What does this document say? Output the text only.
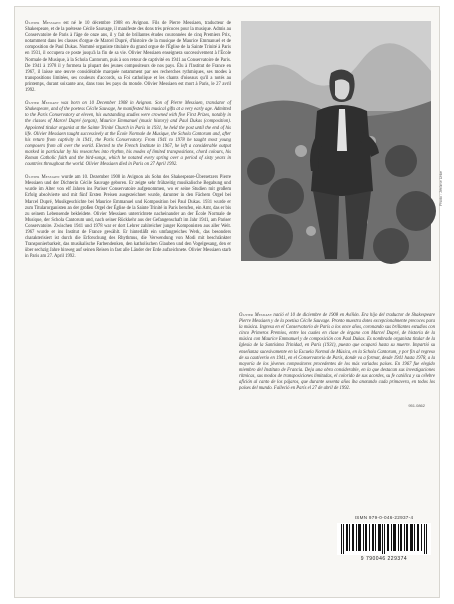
Olivier Messiaen est né le 10 décembre 1908 en Avignon. Fils de Pierre Messiaen, traducteur de Shakespeare, et de la poétesse Cécile Sauvage, il manifeste des dons très précoces pour la musique. Admis au Conservatoire de Paris à l'âge de onze ans, il y fait de brillantes études couronnées de cinq Premiers Prix, notamment dans les classes d'orgue de Marcel Dupré, d'histoire de la musique de Maurice Emmanuel et de composition de Paul Dukas. Nommé organiste titulaire du grand orgue de l'Église de la Sainte Trinité à Paris en 1931, il occupera ce poste jusqu'à la fin de sa vie. Olivier Messiaen enseignera successivement à l'École Normale de Musique, à la Schola Cantorum, puis à son retour de captivité en 1941 au Conservatoire de Paris. De 1941 à 1978 il y formera la plupart des jeunes compositeurs de nos pays. Élu à l'Institut de France en 1967, il laisse une œuvre considérable marquée notamment par ses recherches rythmiques, ses modes à transpositions limitées, ses couleurs d'accords, sa Foi catholique et les chants d'oiseaux qu'il a notés au printemps, durant soixante ans, dans tous les pays du monde. Olivier Messiaen est mort à Paris, le 27 avril 1992.

Olivier Messiaen was born on 10 December 1908 in Avignon. Son of Pierre Messiaen, translator of Shakespeare, and of the poetess Cécile Sauvage, he manifested his musical gifts at a very early age. Admitted to the Paris Conservatory at eleven, his outstanding studies were crowned with five First Prizes, notably in the classes of Marcel Dupré (organ), Maurice Emmanuel (music history) and Paul Dukas (composition). Appointed titular organist at the Sainte Trinité Church in Paris in 1931, he held the post until the end of his life. Olivier Messiaen taught successively at the École Normale de Musique, the Schola Cantorum and, after his return from captivity in 1941, the Paris Conservatory. From 1941 to 1978 he taught most young composers from all over the world. Elected to the French Institute in 1967, he left a considerable output marked in particular by his researches into rhythm, his modes of limited transpositions, chord colours, his Roman Catholic faith and the bird-songs, which he notated every spring over a period of sixty years in countries throughout the world. Olivier Messiaen died in Paris on 27 April 1992.

Olivier Messiaen wurde am 10. Dezember 1908 in Avignon als Sohn des Shakespeare-Übersetzers Pierre Messiaen und der Dichterin Cécile Sauvage geboren. Er zeigte sehr frühzeitig musikalische Begabung und wurde im Alter von elf Jahren ins Pariser Conservatoire aufgenommen, wo er seine Studien mit großem Erfolg absolvierte und mit fünf Ersten Preisen ausgezeichnet wurde, darunter in den Fächern Orgel bei Marcel Dupré, Musikgeschichte bei Maurice Emmanuel und Komposition bei Paul Dukas. 1931 wurde er zum Titularorganisten an der großen Orgel der Église de la Sainte Trinité in Paris berufen, ein Amt, das er bis zu seinem Lebensende bekleidete. Olivier Messiaen unterrichtete nacheinander an der École Normale de Musique, der Schola Cantorum und, nach seiner Rückkehr aus der Gefangenschaft im Jahr 1941, am Pariser Conservatoire. Zwischen 1941 und 1978 war er dort Lehrer zahlreicher junger Komponisten aus aller Welt. 1967 wurde er ins Institut de France gewählt. Er hinterläßt ein umfangreiches Werk, das besonders charakterisiert ist durch die Erforschung des Rhythmus, die Verwendung von Modi mit beschränkter Transponierbarkeit, das musikalische Farbendenken, den katholischen Glauben und den Vogelgesang, den er über sechzig Jahre hinweg auf seinen Reisen in fast alle Länder der Erde aufzeichnete. Olivier Messiaen starb in Paris am 27. April 1992.

Photo : Jérôme Urbe

Olivier Messiaen nació el 10 de diciembre de 1908 en Aviñón. Era hijo del traductor de Shakespeare Pierre Messiaen y de la poetisa Cécile Sauvage. Pronto muestra dotes excepcionalmente precoces para la música. Ingresa en el Conservatorio de París a los once años, coronando sus brillantes estudios con cinco Primeros Premios, entre los cuales en clase de órgano con Marcel Dupré, de historia de la música con Maurice Emmanuel y de composición con Paul Dukas. Es nombrado organista titular de la Iglesia de la Santísima Trinidad, en París (1931), puesto que ocupará hasta su muerte. Impartió su enseñanza sucesivamente en la Escuela Normal de Música, en la Schola Cantorum, y por fin al regreso de su cautiverio en 1941, en el Conservatorio de París, donde va a formar, desde 1941 hasta 1978, a la mayoría de los jóvenes compositores procedentes de los más variados países. En 1967 fue elegido miembro del Instituto de Francia. Deja una obra considerable, en la que destacan sus investigaciones rítmicas, sus modos de transposiciones limitadas, el colorido de sus acordes, su fe católica y su célebre afición al canto de los pájaros, que durante sesenta años iba anotando cada primavera, en todos los países del mundo. Falleció en París el 27 de abril de 1992.

951.0862
ISMN 979-0-046-22937-4
9 790046 229374
